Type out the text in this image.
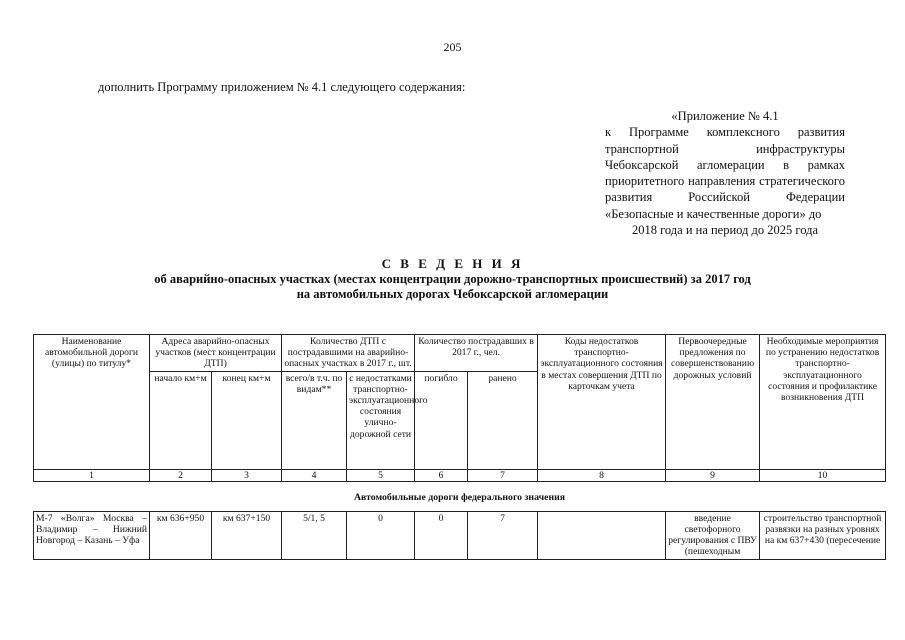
205
дополнить Программу приложением № 4.1 следующего содержания:
«Приложение № 4.1
к Программе комплексного развития транспортной инфраструктуры Чебоксарской агломерации в рамках приоритетного направления стратегического развития Российской Федерации «Безопасные и качественные дороги» до
2018 года и на период до 2025 года
С В Е Д Е Н И Я
об аварийно-опасных участках (местах концентрации дорожно-транспортных происшествий) за 2017 год
на автомобильных дорогах Чебоксарской агломерации
Наименование автомобильной дороги (улицы) по титулу*	Адреса аварийно-опасных участков (мест концентрации ДТП)		Количество ДТП с пострадавшими на аварийно-опасных участках в 2017 г., шт.		Количество пострадавших в 2017 г., чел.		Коды недостатков транспортно-эксплуатационного состояния в местах совершения ДТП по карточкам учета	Первоочередные предложения по совершенствованию дорожных условий	Необходимые мероприятия по устранению недостатков транспортно-эксплуатационного состояния и профилактике возникновения ДТП
	начало км+м	конец км+м	всего/в т.ч. по видам**	с недостатками транспортно-эксплуатационного состояния улично-дорожной сети	погибло	ранено			
1	2	3	4	5	6	7	8	9	10
Автомобильные дороги федерального значения									
М-7 «Волга» Москва – Владимир – Нижний Новгород – Казань – Уфа	км 636+950	км 637+150	5/1, 5	0	0	7		введение светофорного регулирования с ПВУ (пешеходным	строительство транспортной развязки на разных уровнях на км 637+430 (пересечение
